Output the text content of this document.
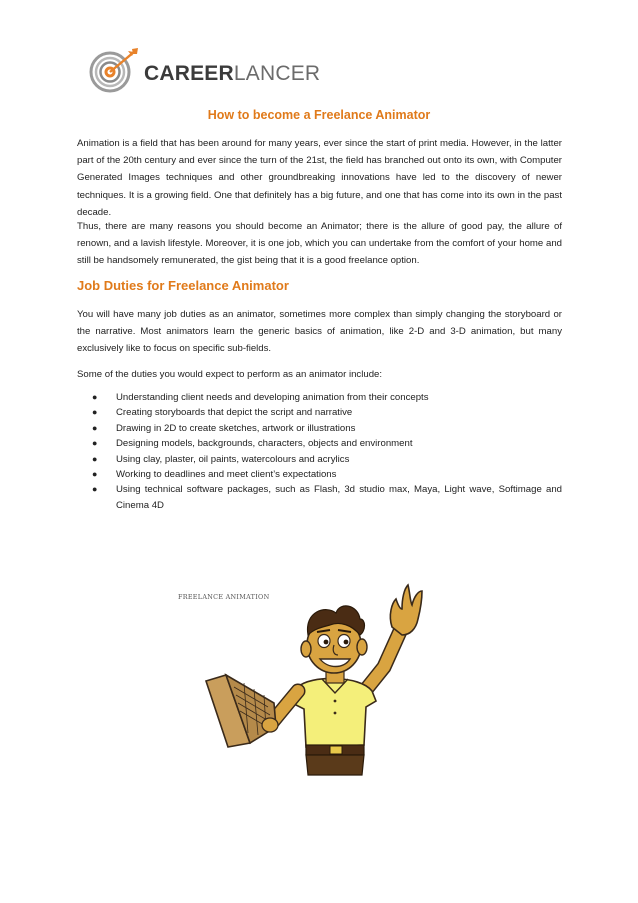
CAREERLANCER
How to become a Freelance Animator

Animation is a field that has been around for many years, ever since the start of print media. However, in the latter part of the 20th century and ever since the turn of the 21st, the field has branched out onto its own, with Computer Generated Images techniques and other groundbreaking innovations have led to the discovery of newer techniques. It is a growing field. One that definitely has a big future, and one that has come into its own in the past decade.

Thus, there are many reasons you should become an Animator; there is the allure of good pay, the allure of renown, and a lavish lifestyle. Moreover, it is one job, which you can undertake from the comfort of your home and still be handsomely remunerated, the gist being that it is a good freelance option.

Job Duties for Freelance Animator

You will have many job duties as an animator, sometimes more complex than simply changing the storyboard or the narrative. Most animators learn the generic basics of animation, like 2-D and 3-D animation, but many exclusively like to focus on specific sub-fields.

Some of the duties you would expect to perform as an animator include:

● Understanding client needs and developing animation from their concepts
● Creating storyboards that depict the script and narrative
● Drawing in 2D to create sketches, artwork or illustrations
● Designing models, backgrounds, characters, objects and environment
● Using clay, plaster, oil paints, watercolours and acrylics
● Working to deadlines and meet client’s expectations
● Using technical software packages, such as Flash, 3d studio max, Maya, Light wave, Softimage and Cinema 4D
FREELANCE ANIMATION
